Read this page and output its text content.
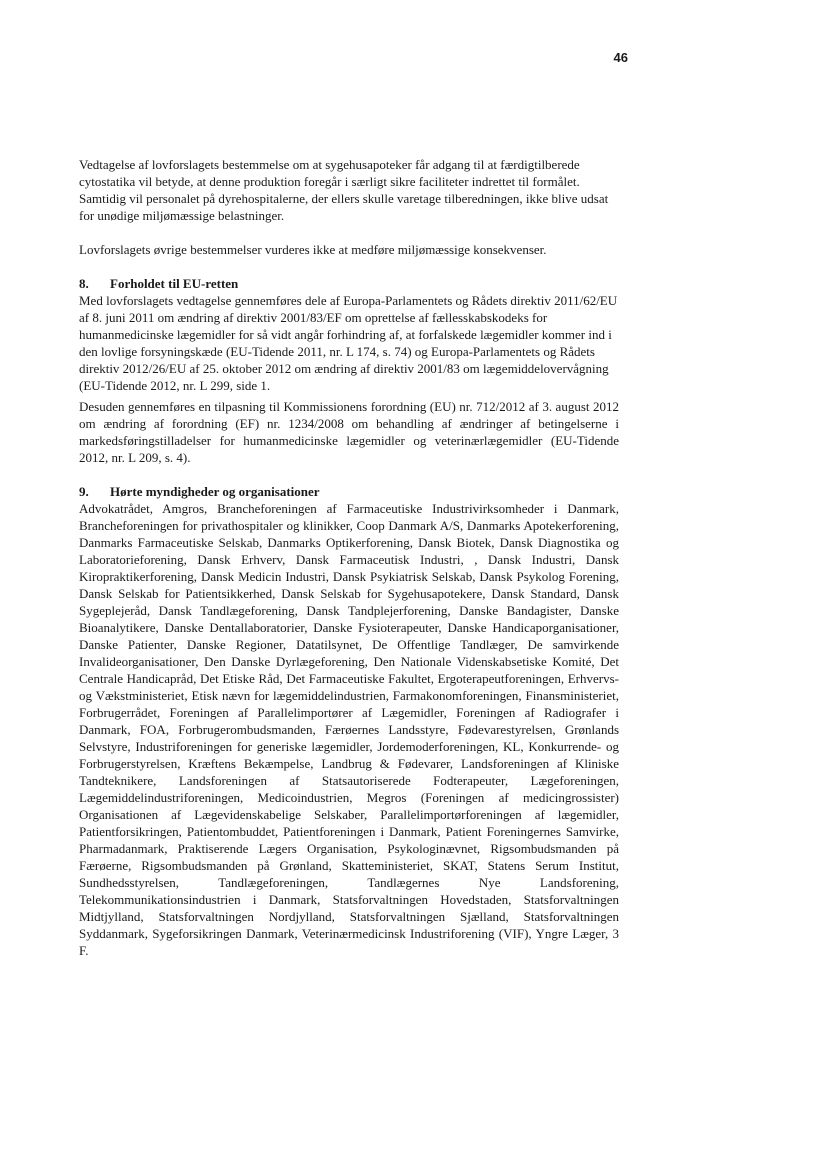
46

Vedtagelse af lovforslagets bestemmelse om at sygehusapoteker får adgang til at færdigtilberede cytostatika vil betyde, at denne produktion foregår i særligt sikre faciliteter indrettet til formålet. Samtidig vil personalet på dyrehospitalerne, der ellers skulle varetage tilberedningen, ikke blive udsat for unødige miljømæssige belastninger.

Lovforslagets øvrige bestemmelser vurderes ikke at medføre miljømæssige konsekvenser.

8. Forholdet til EU-retten

Med lovforslagets vedtagelse gennemføres dele af Europa-Parlamentets og Rådets direktiv 2011/62/EU af 8. juni 2011 om ændring af direktiv 2001/83/EF om oprettelse af fællesskabskodeks for humanmedicinske lægemidler for så vidt angår forhindring af, at forfalskede lægemidler kommer ind i den lovlige forsyningskæde (EU-Tidende 2011, nr. L 174, s. 74) og Europa-Parlamentets og Rådets direktiv 2012/26/EU af 25. oktober 2012 om ændring af direktiv 2001/83 om lægemiddelovervågning (EU-Tidende 2012, nr. L 299, side 1.

Desuden gennemføres en tilpasning til Kommissionens forordning (EU) nr. 712/2012 af 3. august 2012 om ændring af forordning (EF) nr. 1234/2008 om behandling af ændringer af betingelserne i markedsføringstilladelser for humanmedicinske lægemidler og veterinærlægemidler (EU-Tidende 2012, nr. L 209, s. 4).

9. Hørte myndigheder og organisationer

Advokatrådet, Amgros, Brancheforeningen af Farmaceutiske Industrivirksomheder i Danmark, Brancheforeningen for privathospitaler og klinikker, Coop Danmark A/S, Danmarks Apotekerforening, Danmarks Farmaceutiske Selskab, Danmarks Optikerforening, Dansk Biotek, Dansk Diagnostika og Laboratorieforening, Dansk Erhverv, Dansk Farmaceutisk Industri, , Dansk Industri, Dansk Kiropraktikerforening, Dansk Medicin Industri, Dansk Psykiatrisk Selskab, Dansk Psykolog Forening, Dansk Selskab for Patientsikkerhed, Dansk Selskab for Sygehusapotekere, Dansk Standard, Dansk Sygeplejeråd, Dansk Tandlægeforening, Dansk Tandplejerforening, Danske Bandagister, Danske Bioanalytikere, Danske Dentallaboratorier, Danske Fysioterapeuter, Danske Handicaporganisationer, Danske Patienter, Danske Regioner, Datatilsynet, De Offentlige Tandlæger, De samvirkende Invalideorganisationer, Den Danske Dyrlægeforening, Den Nationale Videnskabsetiske Komité, Det Centrale Handicapråd, Det Etiske Råd, Det Farmaceutiske Fakultet, Ergoterapeutforeningen, Erhvervs- og Vækstministeriet, Etisk nævn for lægemiddelindustrien, Farmakonomforeningen, Finansministeriet, Forbrugerrådet, Foreningen af Parallelimportører af Lægemidler, Foreningen af Radiografer i Danmark, FOA, Forbrugerombudsmanden, Færøernes Landsstyre, Fødevarestyrelsen, Grønlands Selvstyre, Industriforeningen for generiske lægemidler, Jordemoderforeningen, KL, Konkurrende- og Forbrugerstyrelsen, Kræftens Bekæmpelse, Landbrug & Fødevarer, Landsforeningen af Kliniske Tandteknikere, Landsforeningen af Statsautoriserede Fodterapeuter, Lægeforeningen, Lægemiddelindustriforeningen, Medicoindustrien, Megros (Foreningen af medicingrossister) Organisationen af Lægevidenskabelige Selskaber, Parallelimportørforeningen af lægemidler, Patientforsikringen, Patientombuddet, Patientforeningen i Danmark, Patient Foreningernes Samvirke, Pharmadanmark, Praktiserende Lægers Organisation, Psykologinævnet, Rigsombudsmanden på Færøerne, Rigsombudsmanden på Grønland, Skatteministeriet, SKAT, Statens Serum Institut, Sundhedsstyrelsen, Tandlægeforeningen, Tandlægernes Nye Landsforening, Telekommunikationsindustrien i Danmark, Statsforvaltningen Hovedstaden, Statsforvaltningen Midtjylland, Statsforvaltningen Nordjylland, Statsforvaltningen Sjælland, Statsforvaltningen Syddanmark, Sygeforsikringen Danmark, Veterinærmedicinsk Industriforening (VIF), Yngre Læger, 3 F.
